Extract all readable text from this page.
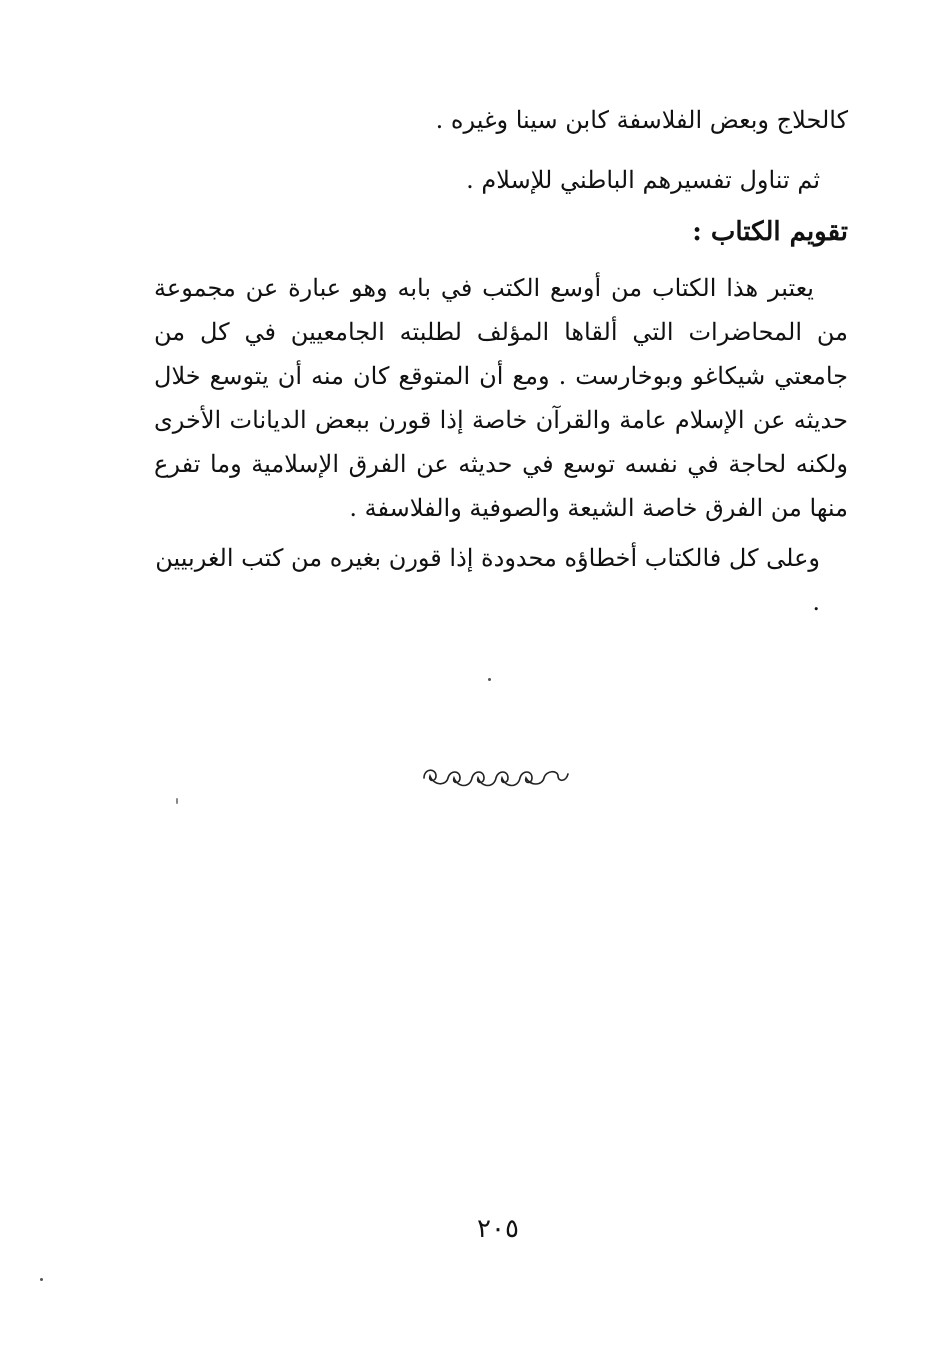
كالحلاج وبعض الفلاسفة كابن سينا وغيره .
ثم تناول تفسيرهم الباطني للإسلام .
تقويم الكتاب :
يعتبر هذا الكتاب من أوسع الكتب في بابه وهو عبارة عن مجموعة من المحاضرات التي ألقاها المؤلف لطلبته الجامعيين في كل من جامعتي شيكاغو وبوخارست . ومع أن المتوقع كان منه أن يتوسع خلال حديثه عن الإسلام عامة والقرآن خاصة إذا قورن ببعض الديانات الأخرى ولكنه لحاجة في نفسه توسع في حديثه عن الفرق الإسلامية وما تفرع منها من الفرق خاصة الشيعة والصوفية والفلاسفة .
وعلى كل فالكتاب أخطاؤه محدودة إذا قورن بغيره من كتب الغربيين .
٢٠٥
